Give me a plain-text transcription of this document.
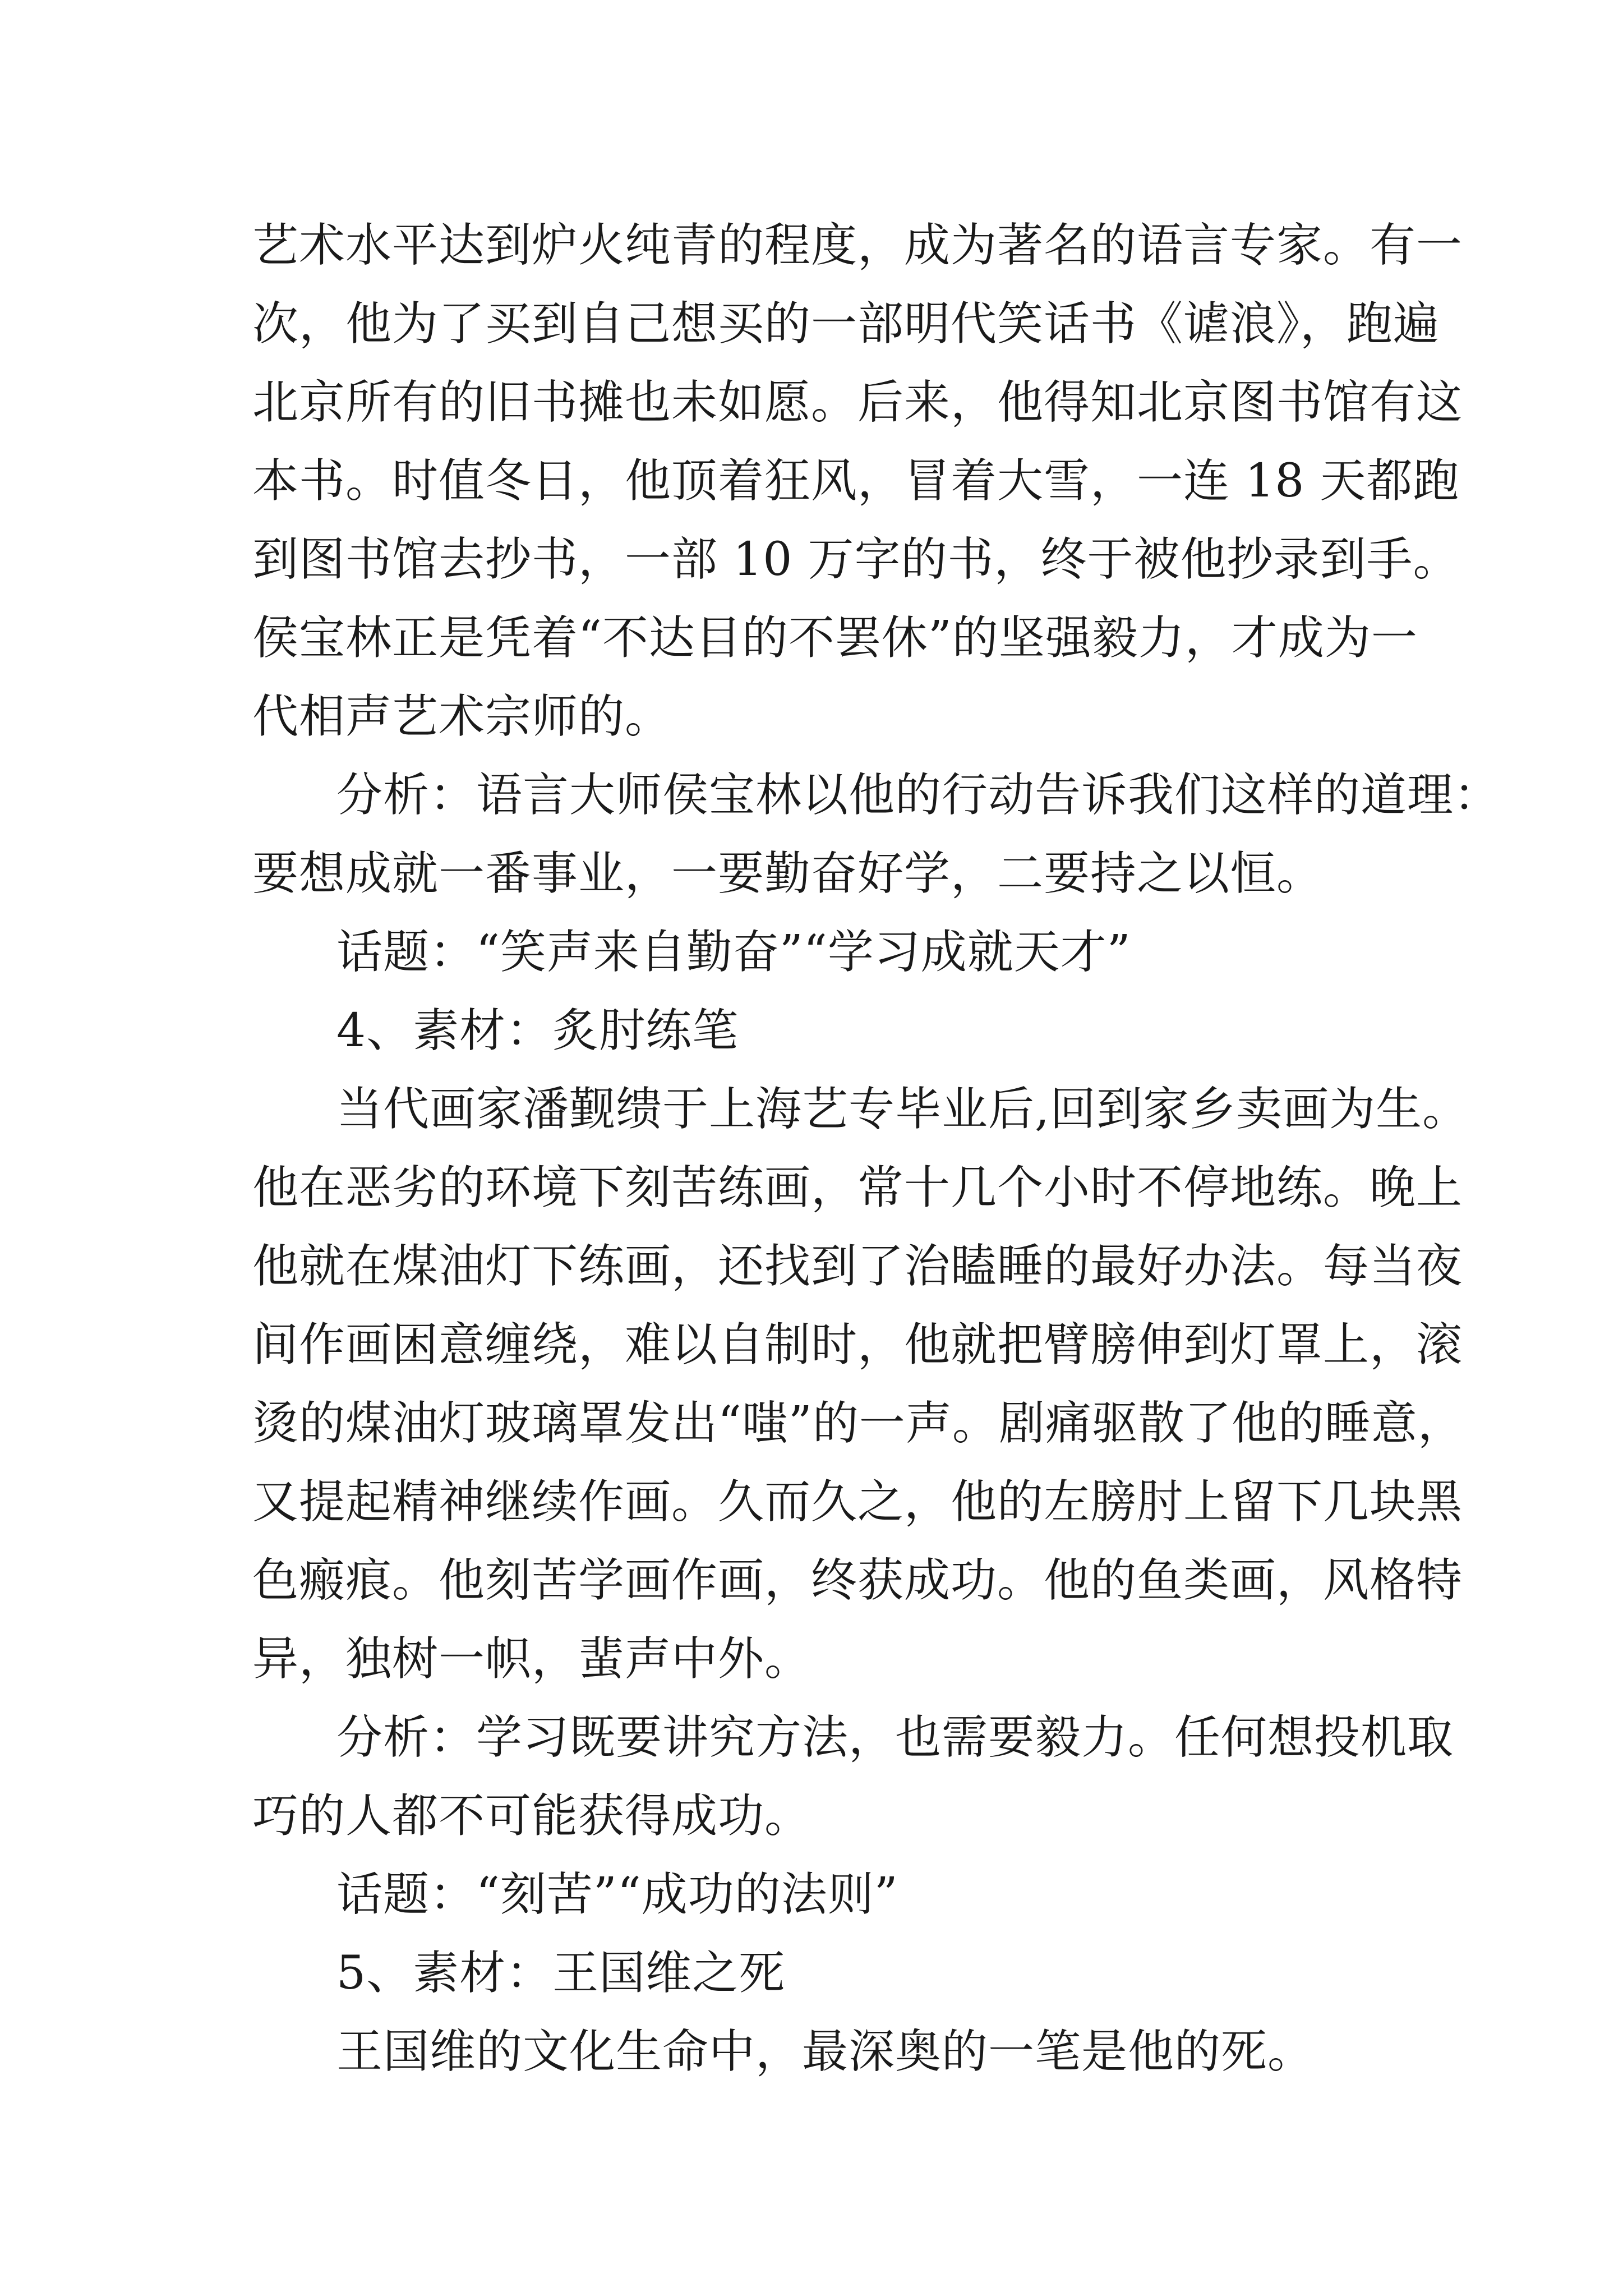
艺术水平达到炉火纯青的程度，成为著名的语言专家。有一
次，他为了买到自己想买的一部明代笑话书《谑浪》，跑遍
北京所有的旧书摊也未如愿。后来，他得知北京图书馆有这
本书。时值冬日，他顶着狂风，冒着大雪，一连 18 天都跑
到图书馆去抄书，一部 10 万字的书，终于被他抄录到手。
侯宝林正是凭着“不达目的不罢休”的坚强毅力，才成为一
代相声艺术宗师的。
分析：语言大师侯宝林以他的行动告诉我们这样的道理：
要想成就一番事业，一要勤奋好学，二要持之以恒。
话题：“笑声来自勤奋”“学习成就天才”
4、素材：炙肘练笔
当代画家潘觐缋于上海艺专毕业后,回到家乡卖画为生。
他在恶劣的环境下刻苦练画，常十几个小时不停地练。晚上
他就在煤油灯下练画，还找到了治瞌睡的最好办法。每当夜
间作画困意缠绕，难以自制时，他就把臂膀伸到灯罩上，滚
烫的煤油灯玻璃罩发出“嗤”的一声。剧痛驱散了他的睡意，
又提起精神继续作画。久而久之，他的左膀肘上留下几块黑
色瘢痕。他刻苦学画作画，终获成功。他的鱼类画，风格特
异，独树一帜，蜚声中外。
分析：学习既要讲究方法，也需要毅力。任何想投机取
巧的人都不可能获得成功。
话题：“刻苦”“成功的法则”
5、素材：王国维之死
王国维的文化生命中，最深奥的一笔是他的死。
